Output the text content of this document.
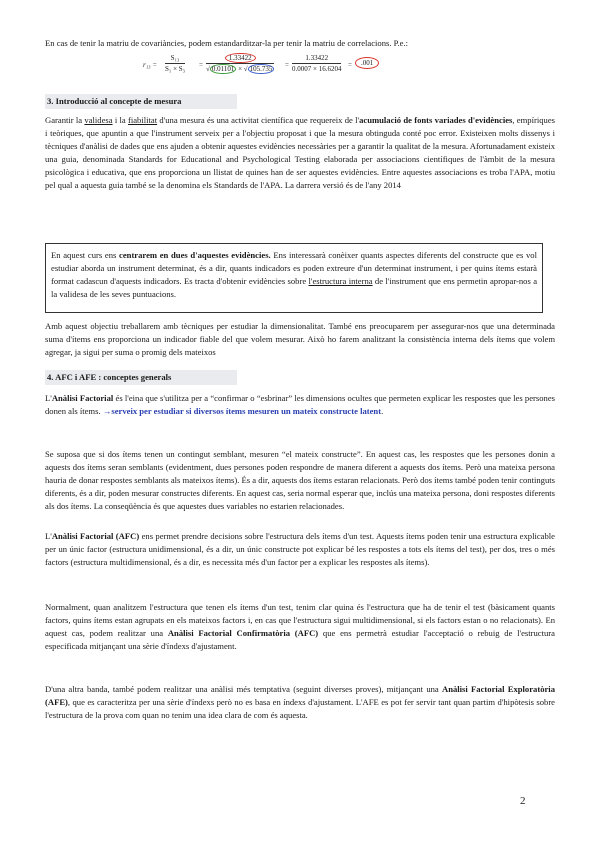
En cas de tenir la matriu de covariàncies, podem estandarditzar-la per tenir la matriu de correlacions. P.e.:

$r_{13} = \frac{\text{S₁₃}}{\text{S₁ × S₃}} = \frac{1.33422}{√ 0.01101 \times √ 105.735} = \frac{1.33422}{0.0007 \times 16.6204}$ =	.001
3. Introducció al concepte de mesura

Garantir la validesa i la fiabilitat d'una mesura és una activitat científica que requereix de l'acumulació de fonts variades d'evidències, empíriques i teòriques, que apuntin a que l'instrument serveix per a l'objectiu proposat i que la mesura obtinguda conté poc error. Existeixen molts dissenys i tècniques d'anàlisi de dades que ens ajuden a obtenir aquestes evidències necessàries per a garantir la qualitat de la mesura. Afortunadament existeix una guia, denominada Standards for Educational and Psychological Testing elaborada per associacions científiques de l'àmbit de la mesura psicològica i educativa, que ens proporciona un llistat de quines han de ser aquestes evidències. Entre aquestes associacions es troba l'APA, motiu pel qual a aquesta guia també se la denomina els Standards de l'APA. La darrera versió és de l'any 2014

En aquest curs ens centrarem en dues d'aquestes evidències. Ens interessarà conèixer quants aspectes diferents del constructe que es vol estudiar aborda un instrument determinat, és a dir, quants indicadors es poden extreure d'un determinat instrument, i per quins ítems estarà format cadascun d'aquests indicadors. Es tracta d'obtenir evidències sobre l'estructura interna de l'instrument que ens permetin apropar-nos a la validesa de les seves puntuacions.

Amb aquest objectiu treballarem amb tècniques per estudiar la dimensionalitat. També ens preocuparem per assegurar-nos que una determinada suma d'ítems ens proporciona un indicador fiable del que volem mesurar. Això ho farem analitzant la consistència interna dels ítems que volem agregar, ja sigui per suma o promig dels mateixos

4. AFC i AFE : conceptes generals

L'Anàlisi Factorial és l'eina que s'utilitza per a “confirmar o “esbrinar” les dimensions ocultes que permeten explicar les respostes que les persones donen als ítems. →serveix per estudiar si diversos ítems mesuren un mateix constructe latent.

Se suposa que si dos ítems tenen un contingut semblant, mesuren “el mateix constructe”. En aquest cas, les respostes que les persones donin a aquests dos ítems seran semblants (evidentment, dues persones poden respondre de manera diferent a aquests dos ítems. Però una mateixa persona hauria de donar respostes semblants als mateixos ítems). És a dir, aquests dos ítems estaran relacionats. Però dos ítems també poden tenir continguts diferents, és a dir, poden mesurar constructes diferents. En aquest cas, seria normal esperar que, inclús una mateixa persona, doni respostes diferents als dos ítems. La conseqüència és que aquestes dues variables no estarien relacionades.

L'Anàlisi Factorial (AFC) ens permet prendre decisions sobre l'estructura dels ítems d'un test. Aquests ítems poden tenir una estructura explicable per un únic factor (estructura unidimensional, és a dir, un únic constructe pot explicar bé les respostes a tots els ítems del test), per dos, tres o més factors (estructura multidimensional, és a dir, es necessita més d'un factor per a explicar les respostes als ítems).

Normalment, quan analitzem l'estructura que tenen els ítems d'un test, tenim clar quina és l'estructura que ha de tenir el test (bàsicament quants factors, quins ítems estan agrupats en els mateixos factors i, en cas que l'estructura sigui multidimensional, si els factors estan o no relacionats). En aquest cas, podem realitzar una Anàlisi Factorial Confirmatòria (AFC) que ens permetrà estudiar l'acceptació o rebuig de l'estructura especificada mitjançant una sèrie d'índexs d'ajustament.

D'una altra banda, també podem realitzar una anàlisi més temptativa (seguint diverses proves), mitjançant una Anàlisi Factorial Exploratòria (AFE), que es caracteritza per una sèrie d'índexs però no es basa en índexs d'ajustament. L'AFE es pot fer servir tant quan partim d'hipòtesis sobre l'estructura de la prova com quan no tenim una idea clara de com és aquesta.

2
